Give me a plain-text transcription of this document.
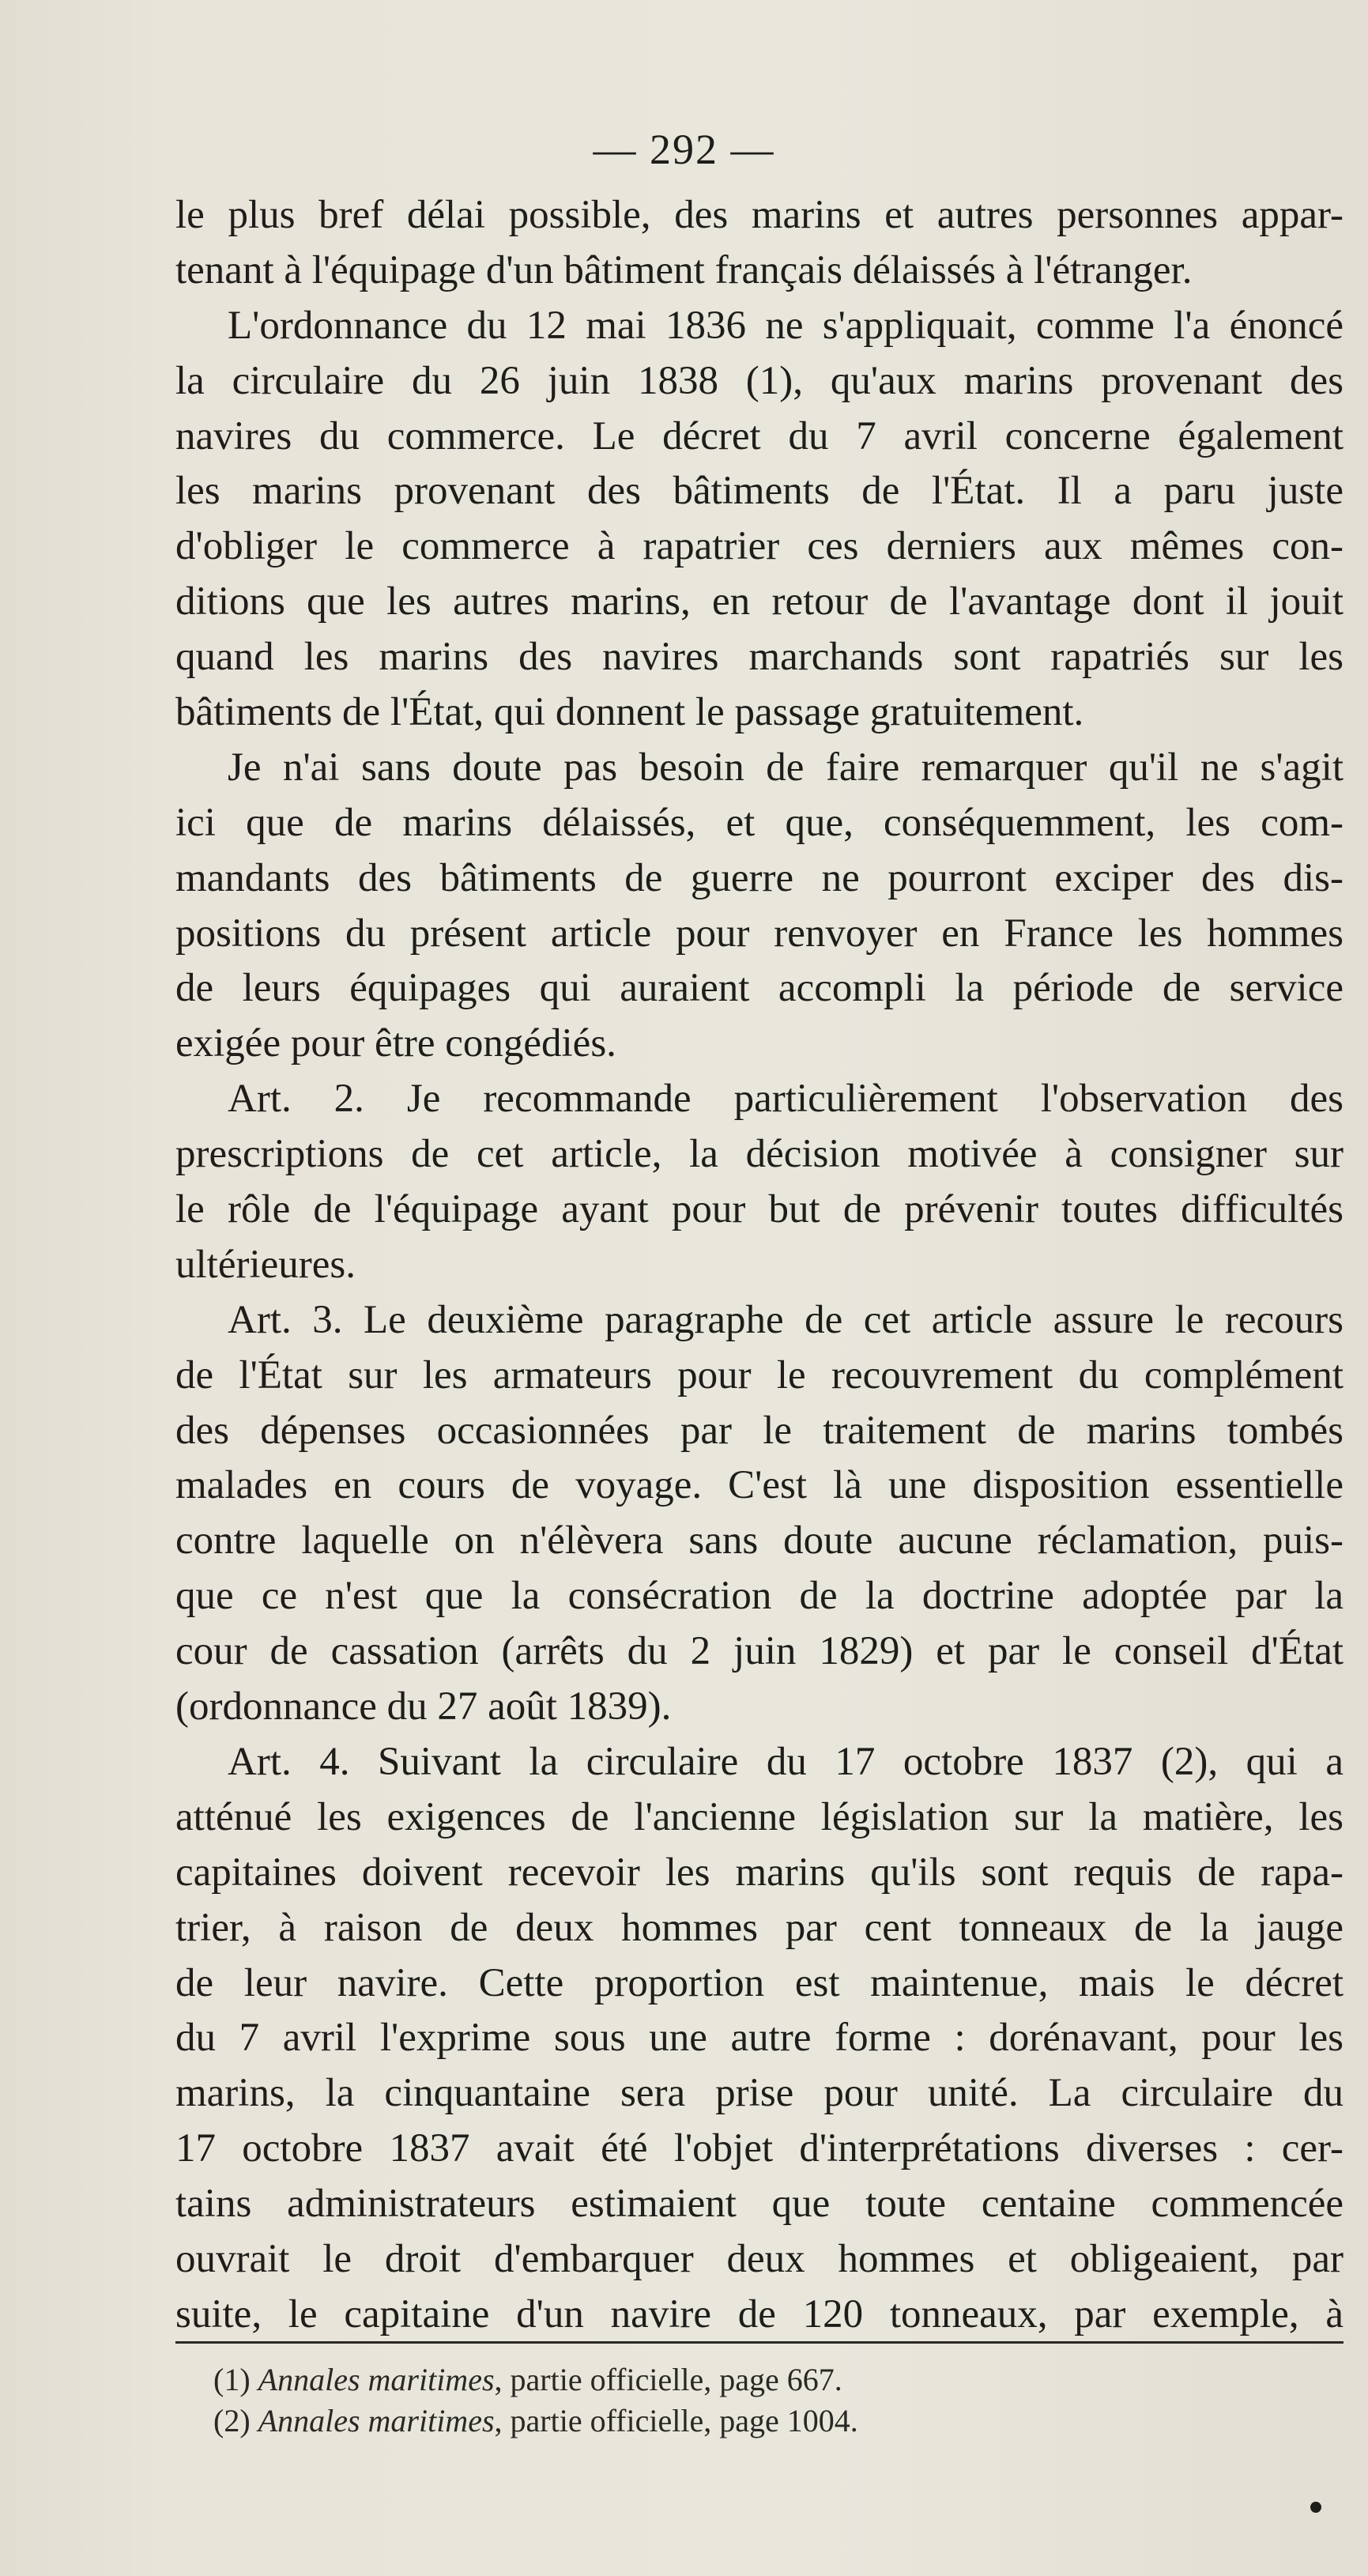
— 292 —
le plus bref délai possible, des marins et autres personnes appar-
tenant à l'équipage d'un bâtiment français délaissés à l'étranger.
L'ordonnance du 12 mai 1836 ne s'appliquait, comme l'a énoncé
la circulaire du 26 juin 1838 (1), qu'aux marins provenant des
navires du commerce. Le décret du 7 avril concerne également
les marins provenant des bâtiments de l'État. Il a paru juste
d'obliger le commerce à rapatrier ces derniers aux mêmes con-
ditions que les autres marins, en retour de l'avantage dont il jouit
quand les marins des navires marchands sont rapatriés sur les
bâtiments de l'État, qui donnent le passage gratuitement.
Je n'ai sans doute pas besoin de faire remarquer qu'il ne s'agit
ici que de marins délaissés, et que, conséquemment, les com-
mandants des bâtiments de guerre ne pourront exciper des dis-
positions du présent article pour renvoyer en France les hommes
de leurs équipages qui auraient accompli la période de service
exigée pour être congédiés.
Art. 2. Je recommande particulièrement l'observation des
prescriptions de cet article, la décision motivée à consigner sur
le rôle de l'équipage ayant pour but de prévenir toutes difficultés
ultérieures.
Art. 3. Le deuxième paragraphe de cet article assure le recours
de l'État sur les armateurs pour le recouvrement du complément
des dépenses occasionnées par le traitement de marins tombés
malades en cours de voyage. C'est là une disposition essentielle
contre laquelle on n'élèvera sans doute aucune réclamation, puis-
que ce n'est que la consécration de la doctrine adoptée par la
cour de cassation (arrêts du 2 juin 1829) et par le conseil d'État
(ordonnance du 27 août 1839).
Art. 4. Suivant la circulaire du 17 octobre 1837 (2), qui a
atténué les exigences de l'ancienne législation sur la matière, les
capitaines doivent recevoir les marins qu'ils sont requis de rapa-
trier, à raison de deux hommes par cent tonneaux de la jauge
de leur navire. Cette proportion est maintenue, mais le décret
du 7 avril l'exprime sous une autre forme : dorénavant, pour les
marins, la cinquantaine sera prise pour unité. La circulaire du
17 octobre 1837 avait été l'objet d'interprétations diverses : cer-
tains administrateurs estimaient que toute centaine commencée
ouvrait le droit d'embarquer deux hommes et obligeaient, par
suite, le capitaine d'un navire de 120 tonneaux, par exemple, à
(1) Annales maritimes, partie officielle, page 667.
(2) Annales maritimes, partie officielle, page 1004.
